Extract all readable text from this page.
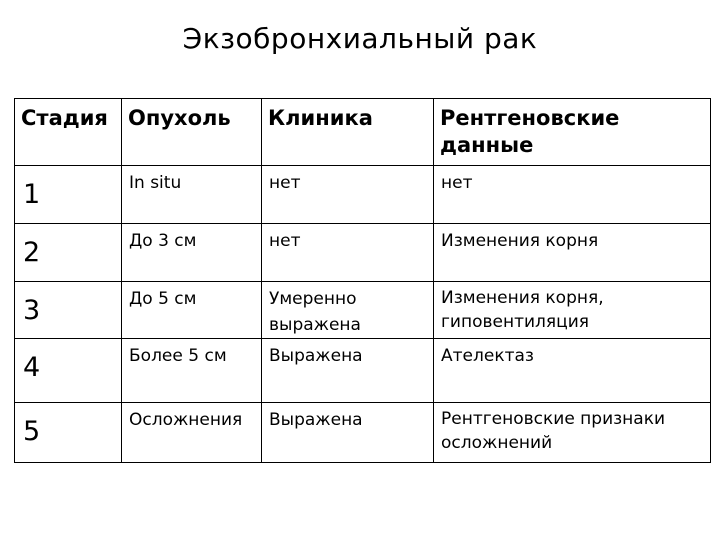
Экзобронхиальный рак
Стадия	Опухоль	Клиника	Рентгеновские данные

1	In situ	нет	нет
2	До 3 см	нет	Изменения корня
3	До 5 см	Умеренно выражена	Изменения корня, гиповентиляция
4	Более 5 см	Выражена	Ателектаз
5	Осложнения	Выражена	Рентгеновские признаки осложнений
